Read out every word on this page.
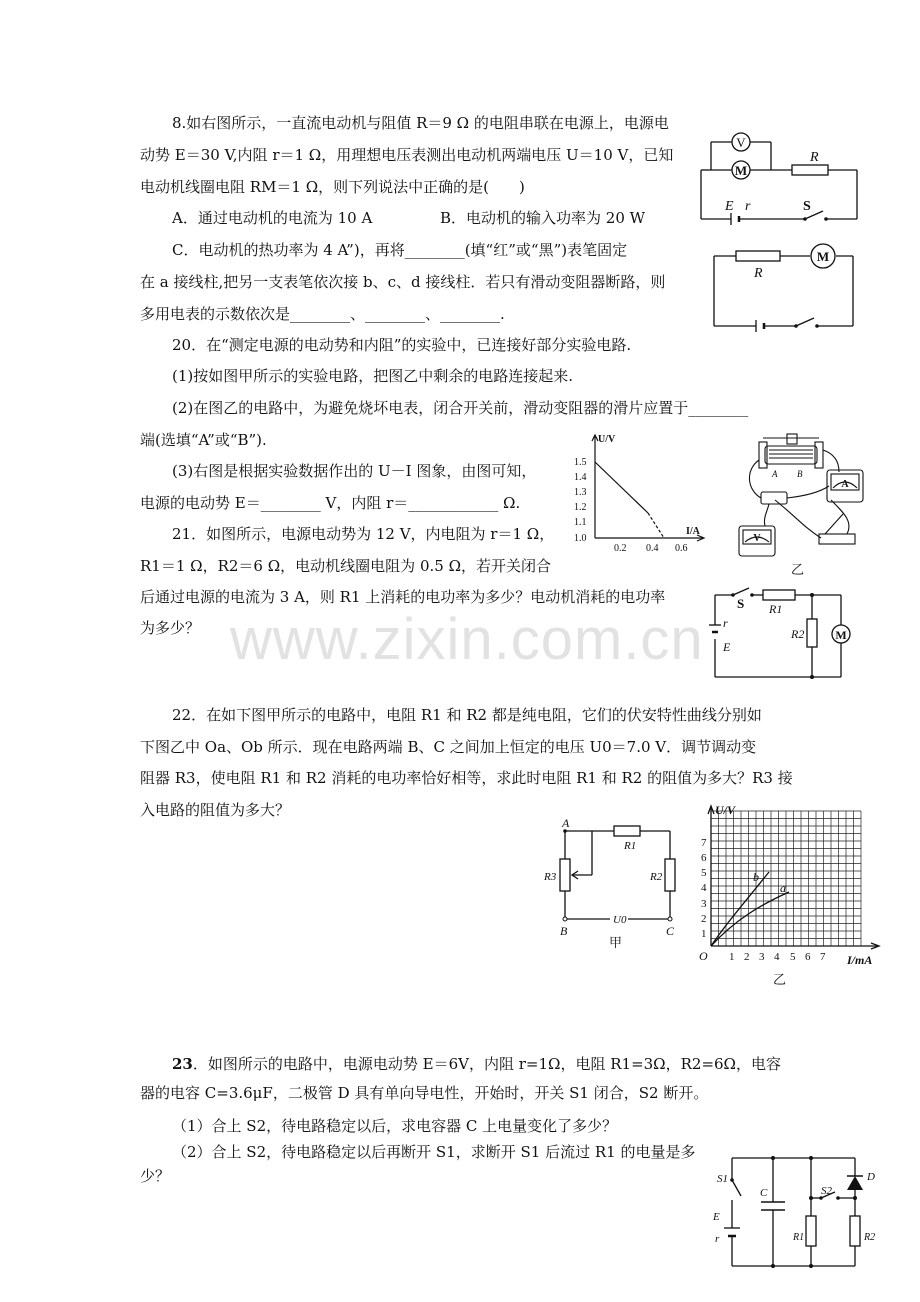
www.zixin.com.cn
8.如右图所示，一直流电动机与阻值 R＝9 Ω 的电阻串联在电源上，电源电
动势 E＝30 V,内阻 r＝1 Ω，用理想电压表测出电动机两端电压 U＝10 V，已知
电动机线圈电阻 RM＝1 Ω，则下列说法中正确的是(　　)
A．通过电动机的电流为 10 A	B．电动机的输入功率为 20 W
C．电动机的热功率为 4 A”)，再将________(填“红”或“黑”)表笔固定
在 a 接线柱,把另一支表笔依次接 b、c、d 接线柱．若只有滑动变阻器断路，则
多用电表的示数依次是________、________、________.
V
M
R
E r	S
M
R
20．在“测定电源的电动势和内阻”的实验中，已连接好部分实验电路.
(1)按如图甲所示的实验电路，把图乙中剩余的电路连接起来.
(2)在图乙的电路中，为避免烧坏电表，闭合开关前，滑动变阻器的滑片应置于________
端(选填“A”或“B”).
(3)右图是根据实验数据作出的 U－I 图象，由图可知，
电源的电动势 E＝________ V，内阻 r＝____________ Ω.
U/V
I/A
1.5
1.4
1.3
1.2
1.1
1.0
0.2 0.4 0.6
A B
A
V
乙
21．如图所示，电源电动势为 12 V，内电阻为 r＝1 Ω，
R1＝1 Ω，R2＝6 Ω，电动机线圈电阻为 0.5 Ω，若开关闭合
后通过电源的电流为 3 A，则 R1 上消耗的电功率为多少？电动机消耗的电功率
为多少？
S R1
R2	M
r
E
22．在如下图甲所示的电路中，电阻 R1 和 R2 都是纯电阻，它们的伏安特性曲线分别如
下图乙中 Oa、Ob 所示．现在电路两端 B、C 之间加上恒定的电压 U0＝7.0 V．调节调动变
阻器 R3，使电阻 R1 和 R2 消耗的电功率恰好相等，求此时电阻 R1 和 R2 的阻值为多大？R3 接
入电路的阻值为多大？
A
B	C
R1
R2
R3
U0
甲
U/V
I/mA
O
1
2
3
4
5
6
7
1 2 3 4 5 6 7
a
b
乙
23．如图所示的电路中，电源电动势 E＝6V，内阻 r=1Ω，电阻 R1=3Ω，R2=6Ω，电容
器的电容 C=3.6μF，二极管 D 具有单向导电性，开始时，开关 S1 闭合，S2 断开。
（1）合上 S2，待电路稳定以后，求电容器 C 上电量变化了多少？
（2）合上 S2，待电路稳定以后再断开 S1，求断开 S1 后流过 R1 的电量是多
少？	S1
S2
C
D
E
r	R1	R2
